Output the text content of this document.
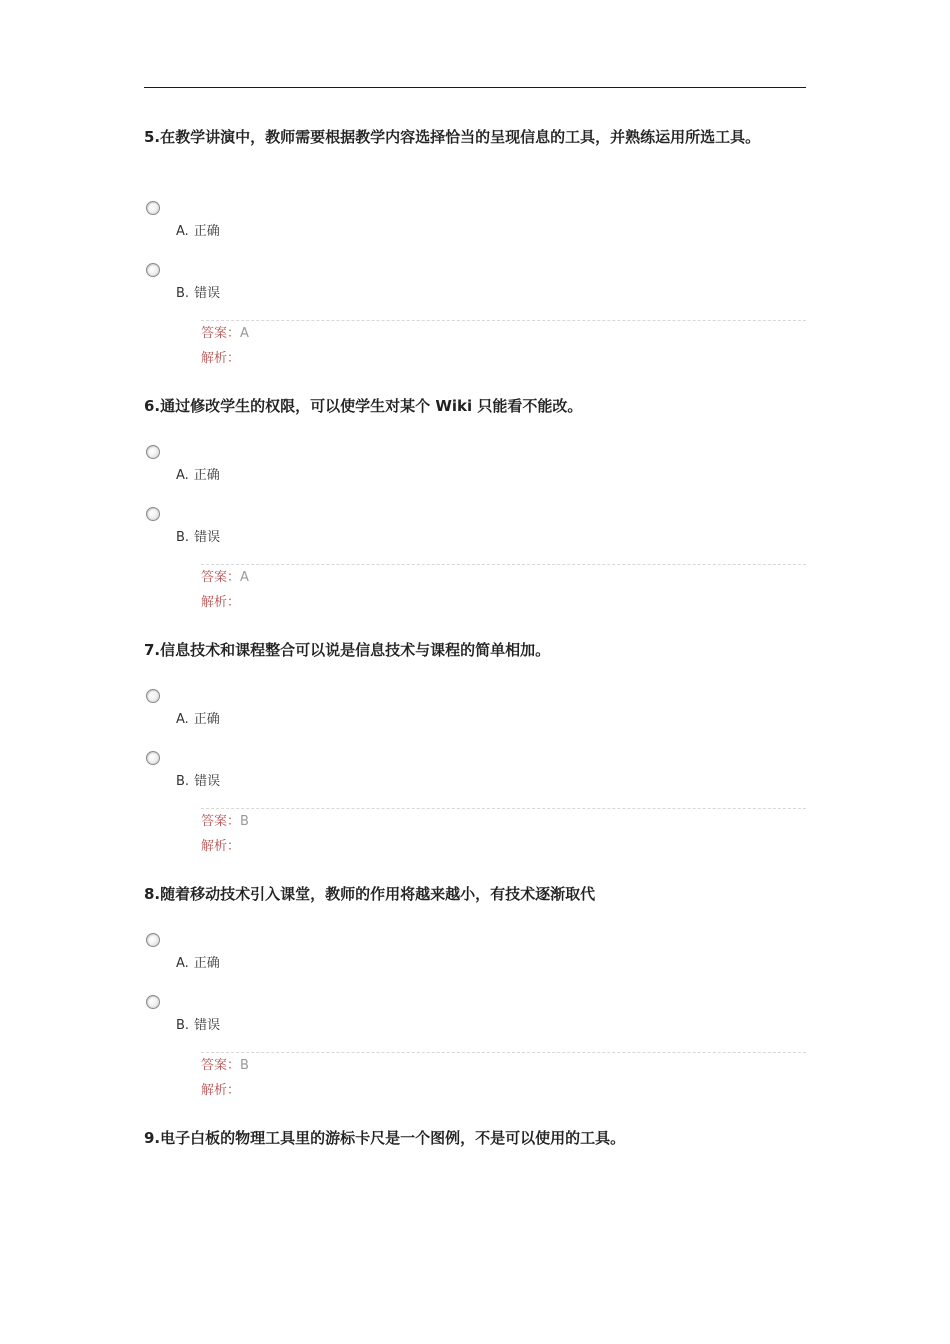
5.在教学讲演中，教师需要根据教学内容选择恰当的呈现信息的工具，并熟练运用所选工具。

A. 正确
B. 错误
答案：A
解析：

6.通过修改学生的权限，可以使学生对某个 Wiki 只能看不能改。

A. 正确
B. 错误
答案：A
解析：

7.信息技术和课程整合可以说是信息技术与课程的简单相加。

A. 正确
B. 错误
答案：B
解析：

8.随着移动技术引入课堂，教师的作用将越来越小，有技术逐渐取代

A. 正确
B. 错误
答案：B
解析：

9.电子白板的物理工具里的游标卡尺是一个图例，不是可以使用的工具。
